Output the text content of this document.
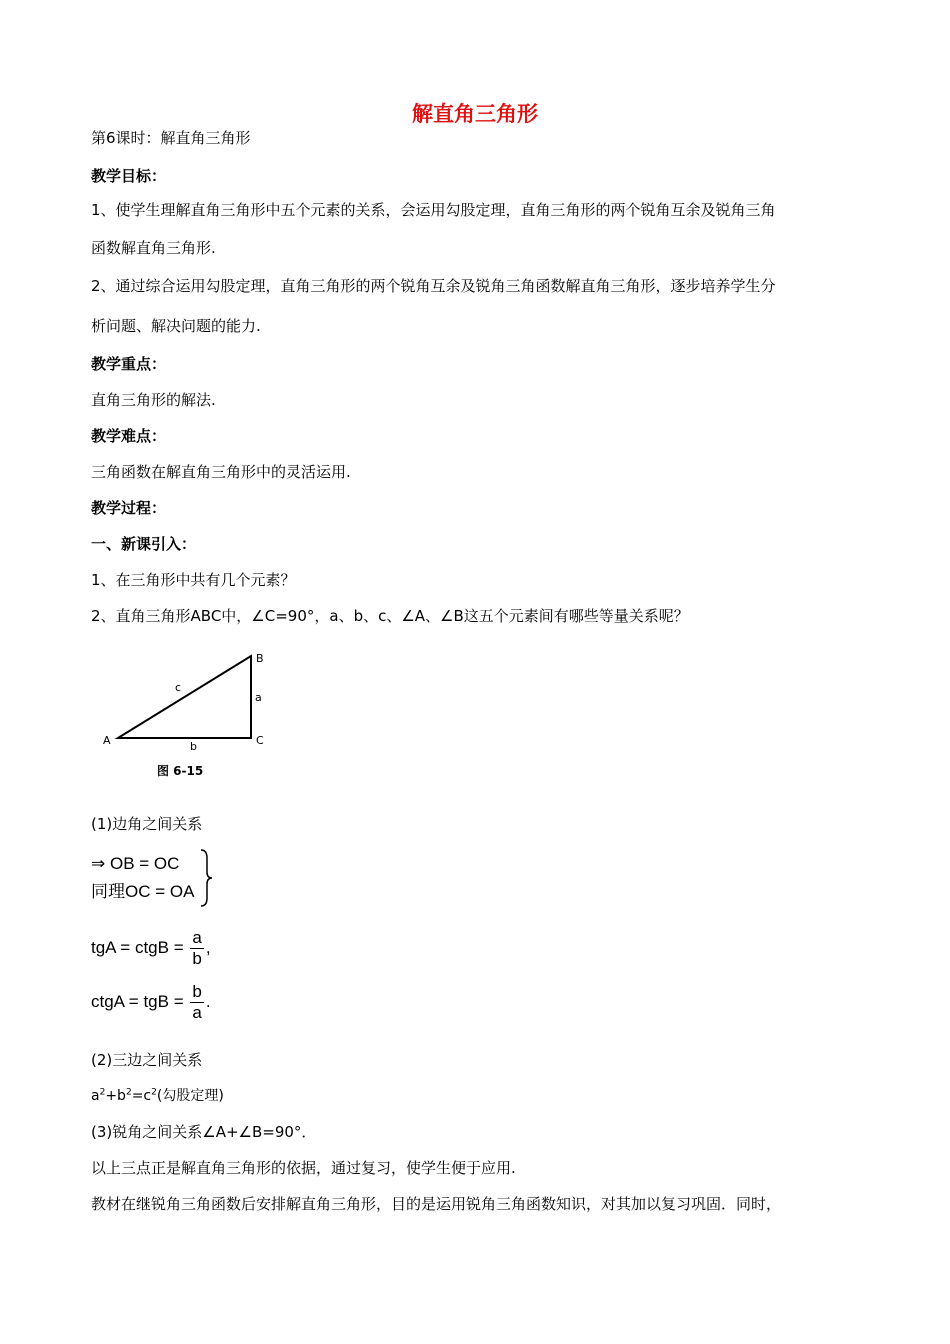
解直角三角形
第6课时：解直角三角形
教学目标：
1、使学生理解直角三角形中五个元素的关系，会运用勾股定理，直角三角形的两个锐角互余及锐角三角
函数解直角三角形.
2、通过综合运用勾股定理，直角三角形的两个锐角互余及锐角三角函数解直角三角形，逐步培养学生分
析问题、解决问题的能力.
教学重点：
直角三角形的解法.
教学难点：
三角函数在解直角三角形中的灵活运用.
教学过程：
一、新课引入：
1、在三角形中共有几个元素？
2、直角三角形ABC中，∠C=90°，a、b、c、∠A、∠B这五个元素间有哪些等量关系呢？
A
B
C
a
b
c
图 6-15
(1)边角之间关系
⇒ OB = OC
同理OC = OA

tgA = ctgB = $\frac{a}{b}$ ,
ctgA = tgB = $\frac{b}{a}$ .
(2)三边之间关系
$a^2+b^2=c^2$(勾股定理)
(3)锐角之间关系∠A+∠B=90°．
以上三点正是解直角三角形的依据，通过复习，使学生便于应用.
教材在继锐角三角函数后安排解直角三角形，目的是运用锐角三角函数知识，对其加以复习巩固．同时，
